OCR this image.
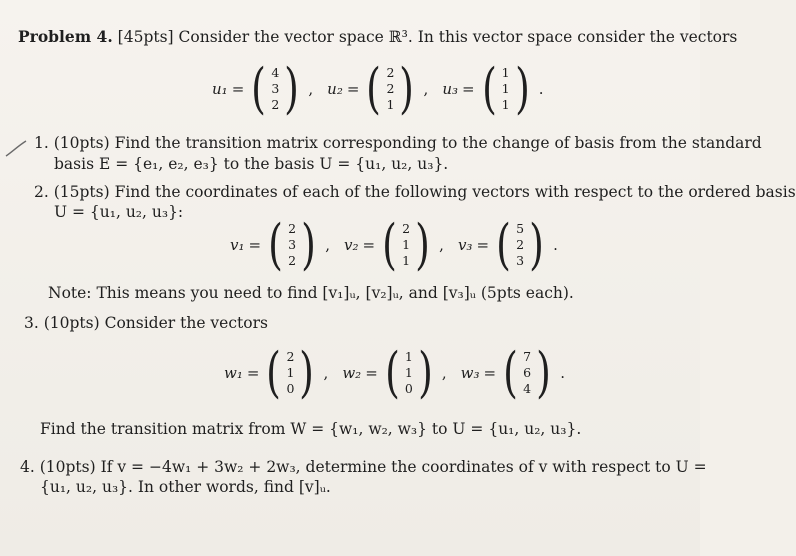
Problem 4. [45pts] Consider the vector space ℝ³. In this vector space consider the vectors
u₁ = ( 4
3
2 ) , u₂ = ( 2
2
1 ) , u₃ = ( 1
1
1 ) .
1. (10pts) Find the transition matrix corresponding to the change of basis from the standard
basis E = {e₁, e₂, e₃} to the basis U = {u₁, u₂, u₃}.
2. (15pts) Find the coordinates of each of the following vectors with respect to the ordered basis
U = {u₁, u₂, u₃}:
v₁ = ( 2
3
2 ) , v₂ = ( 2
1
1 ) , v₃ = ( 5
2
3 ) .
Note: This means you need to find [v₁]ᵤ, [v₂]ᵤ, and [v₃]ᵤ (5pts each).
3. (10pts) Consider the vectors
w₁ = ( 2
1
0 ) , w₂ = ( 1
1
0 ) , w₃ = ( 7
6
4 ) .
Find the transition matrix from W = {w₁, w₂, w₃} to U = {u₁, u₂, u₃}.
4. (10pts) If v = −4w₁ + 3w₂ + 2w₃, determine the coordinates of v with respect to U =
{u₁, u₂, u₃}. In other words, find [v]ᵤ.
